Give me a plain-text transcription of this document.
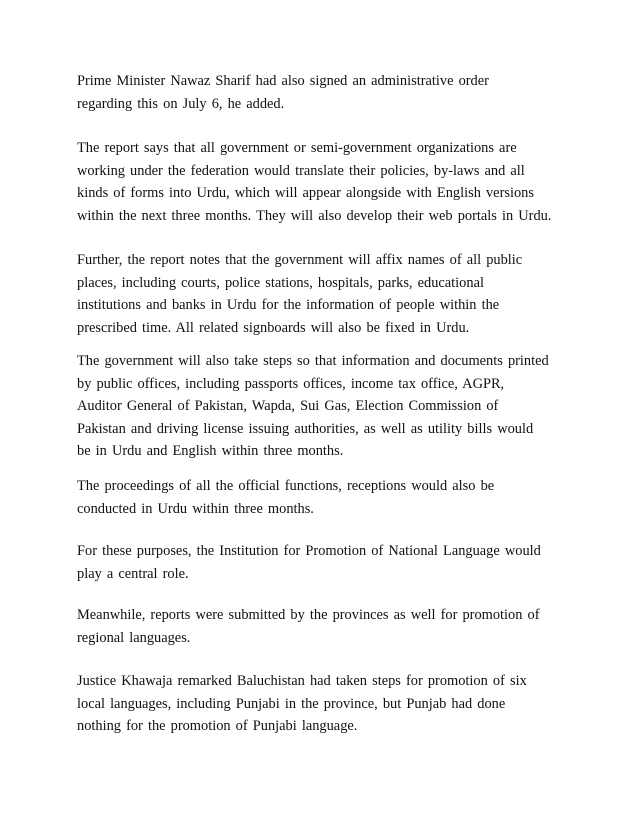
Prime Minister Nawaz Sharif had also signed an administrative order
regarding this on July 6, he added.

The report says that all government or semi-government organizations are
working under the federation would translate their policies, by-laws and all
kinds of forms into Urdu, which will appear alongside with English versions
within the next three months. They will also develop their web portals in Urdu.

Further, the report notes that the government will affix names of all public
places, including courts, police stations, hospitals, parks, educational
institutions and banks in Urdu for the information of people within the
prescribed time. All related signboards will also be fixed in Urdu.

The government will also take steps so that information and documents printed
by public offices, including passports offices, income tax office, AGPR,
Auditor General of Pakistan, Wapda, Sui Gas, Election Commission of
Pakistan and driving license issuing authorities, as well as utility bills would
be in Urdu and English within three months.

The proceedings of all the official functions, receptions would also be
conducted in Urdu within three months.

For these purposes, the Institution for Promotion of National Language would
play a central role.

Meanwhile, reports were submitted by the provinces as well for promotion of
regional languages.

Justice Khawaja remarked Baluchistan had taken steps for promotion of six
local languages, including Punjabi in the province, but Punjab had done
nothing for the promotion of Punjabi language.
